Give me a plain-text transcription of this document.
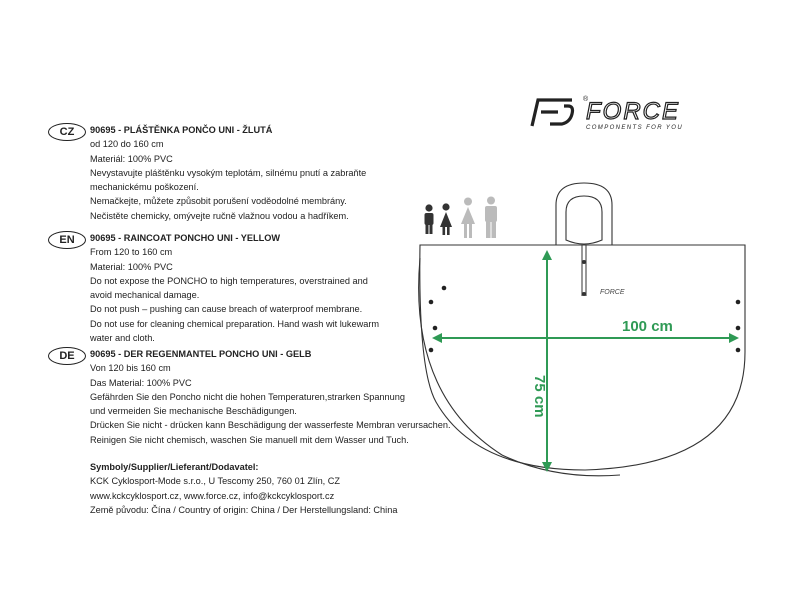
FORCE
®
COMPONENTS FOR YOU
CZ	90695 - PLÁŠTĚNKA PONČO UNI - ŽLUTÁ
od 120 do 160 cm
Materiál: 100% PVC
Nevystavujte pláštěnku vysokým teplotám, silnému pnutí a zabraňte
mechanickému poškození.
Nemačkejte, můžete způsobit porušení voděodolné membrány.
Nečistěte chemicky, omývejte ručně vlažnou vodou a hadříkem.
EN	90695 - RAINCOAT PONCHO UNI - YELLOW
From 120 to 160 cm
Material: 100% PVC
Do not expose the PONCHO to high temperatures, overstrained and
avoid mechanical damage.
Do not push – pushing can cause breach of waterproof membrane.
Do not use for cleaning chemical preparation. Hand wash wit lukewarm
water and cloth.
DE	90695 - DER REGENMANTEL PONCHO UNI - GELB
Von 120 bis 160 cm
Das Material: 100% PVC
Gefährden Sie den Poncho nicht die hohen Temperaturen,strarken Spannung
und vermeiden Sie mechanische Beschädigungen.
Drücken Sie nicht - drücken kann Beschädigung der wasserfeste Membran verursachen.
Reinigen Sie nicht chemisch, waschen Sie manuell mit dem Wasser und Tuch.
Symboly/Supplier/Lieferant/Dodavatel:
KCK Cyklosport-Mode s.r.o., U Tescomy 250, 760 01 Zlín, CZ
www.kckcyklosport.cz, www.force.cz, info@kckcyklosport.cz
Země původu: Čína / Country of origin: China / Der Herstellungsland: China
FORCE
100 cm
75 cm
